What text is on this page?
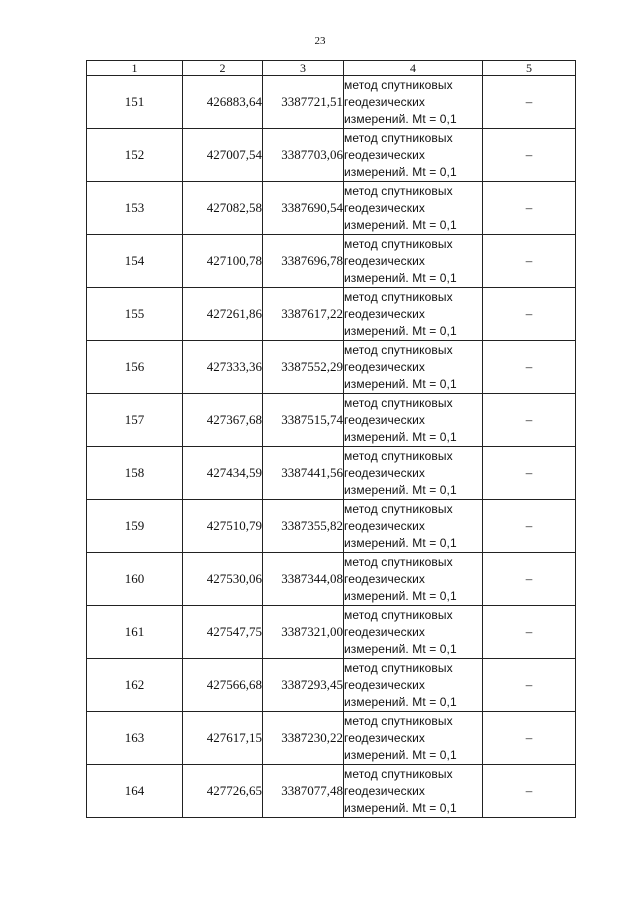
23
1	2	3	4	5
151	426883,64	3387721,51	метод спутниковых
геодезических
измерений. Mt = 0,1	–
152	427007,54	3387703,06	метод спутниковых
геодезических
измерений. Mt = 0,1	–
153	427082,58	3387690,54	метод спутниковых
геодезических
измерений. Mt = 0,1	–
154	427100,78	3387696,78	метод спутниковых
геодезических
измерений. Mt = 0,1	–
155	427261,86	3387617,22	метод спутниковых
геодезических
измерений. Mt = 0,1	–
156	427333,36	3387552,29	метод спутниковых
геодезических
измерений. Mt = 0,1	–
157	427367,68	3387515,74	метод спутниковых
геодезических
измерений. Mt = 0,1	–
158	427434,59	3387441,56	метод спутниковых
геодезических
измерений. Mt = 0,1	–
159	427510,79	3387355,82	метод спутниковых
геодезических
измерений. Mt = 0,1	–
160	427530,06	3387344,08	метод спутниковых
геодезических
измерений. Mt = 0,1	–
161	427547,75	3387321,00	метод спутниковых
геодезических
измерений. Mt = 0,1	–
162	427566,68	3387293,45	метод спутниковых
геодезических
измерений. Mt = 0,1	–
163	427617,15	3387230,22	метод спутниковых
геодезических
измерений. Mt = 0,1	–
164	427726,65	3387077,48	метод спутниковых
геодезических
измерений. Mt = 0,1	–
